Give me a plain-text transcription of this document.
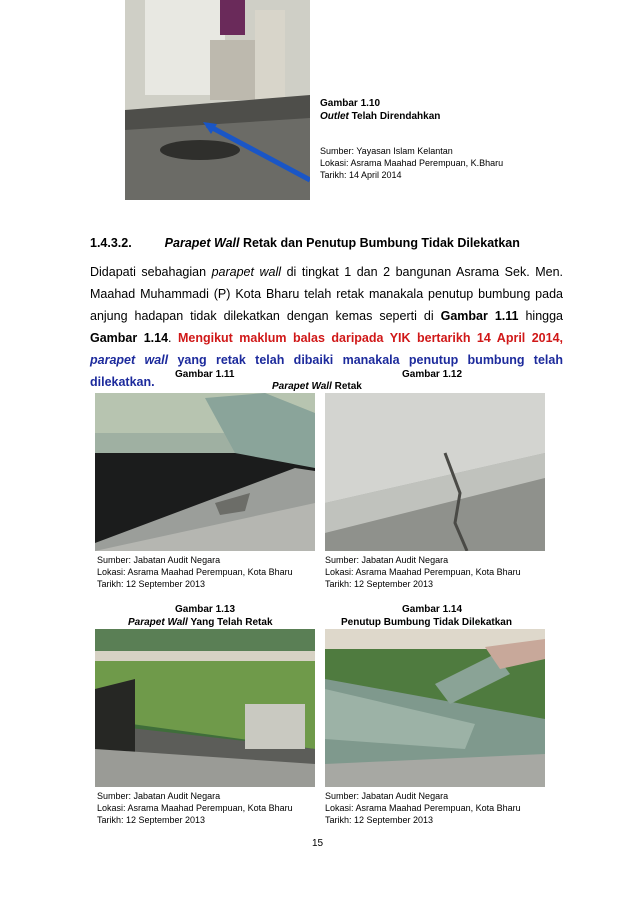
Gambar 1.10
Outlet Telah Direndahkan
Sumber: Yayasan Islam Kelantan
Lokasi: Asrama Maahad Perempuan, K.Bharu
Tarikh: 14 April 2014
1.4.3.2.	Parapet Wall Retak dan Penutup Bumbung Tidak Dilekatkan
Didapati sebahagian parapet wall di tingkat 1 dan 2 bangunan Asrama Sek. Men. Maahad Muhammadi (P) Kota Bharu telah retak manakala penutup bumbung pada anjung hadapan tidak dilekatkan dengan kemas seperti di Gambar 1.11 hingga Gambar 1.14. Mengikut maklum balas daripada YIK bertarikh 14 April 2014, parapet wall yang retak telah dibaiki manakala penutup bumbung telah dilekatkan.
Gambar 1.11	Gambar 1.12
Parapet Wall Retak
Sumber: Jabatan Audit Negara
Lokasi: Asrama Maahad Perempuan, Kota Bharu
Tarikh: 12 September 2013
Sumber: Jabatan Audit Negara
Lokasi: Asrama Maahad Perempuan, Kota Bharu
Tarikh: 12 September 2013
Gambar 1.13
Parapet Wall Yang Telah Retak
Gambar 1.14
Penutup Bumbung Tidak Dilekatkan
Sumber: Jabatan Audit Negara
Lokasi: Asrama Maahad Perempuan, Kota Bharu
Tarikh: 12 September 2013
Sumber: Jabatan Audit Negara
Lokasi: Asrama Maahad Perempuan, Kota Bharu
Tarikh: 12 September 2013
15
